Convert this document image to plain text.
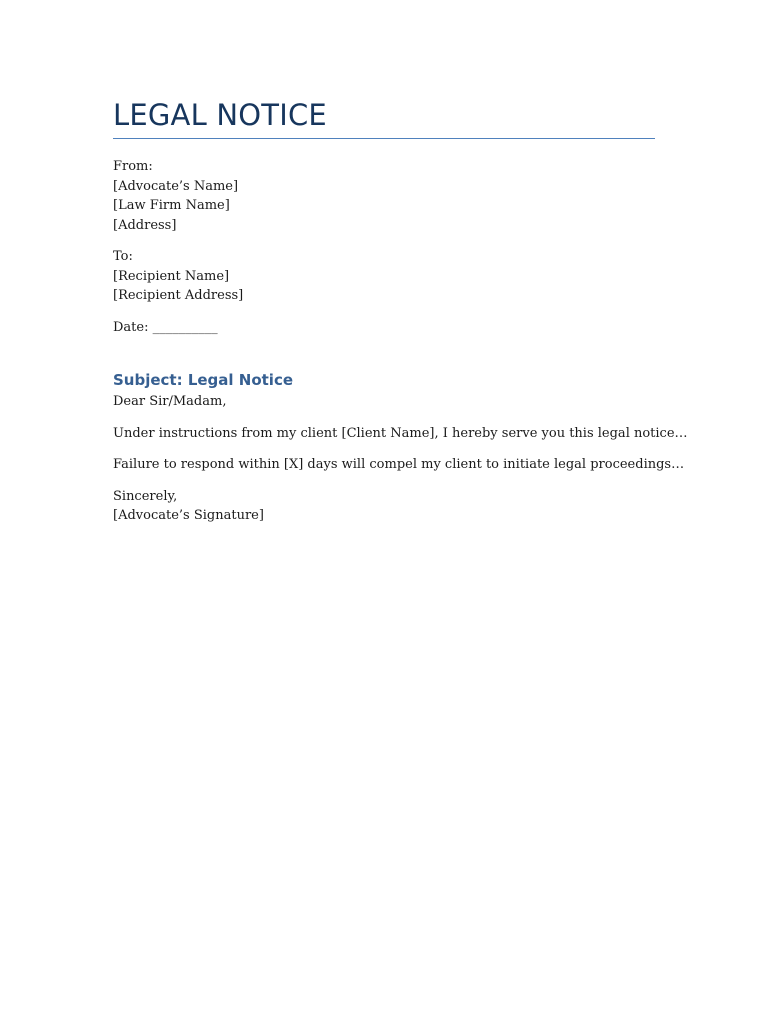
LEGAL NOTICE
From:
[Advocate’s Name]
[Law Firm Name]
[Address]
To:
[Recipient Name]
[Recipient Address]
Date: __________
Subject: Legal Notice
Dear Sir/Madam,
Under instructions from my client [Client Name], I hereby serve you this legal notice…
Failure to respond within [X] days will compel my client to initiate legal proceedings…
Sincerely,
[Advocate’s Signature]
